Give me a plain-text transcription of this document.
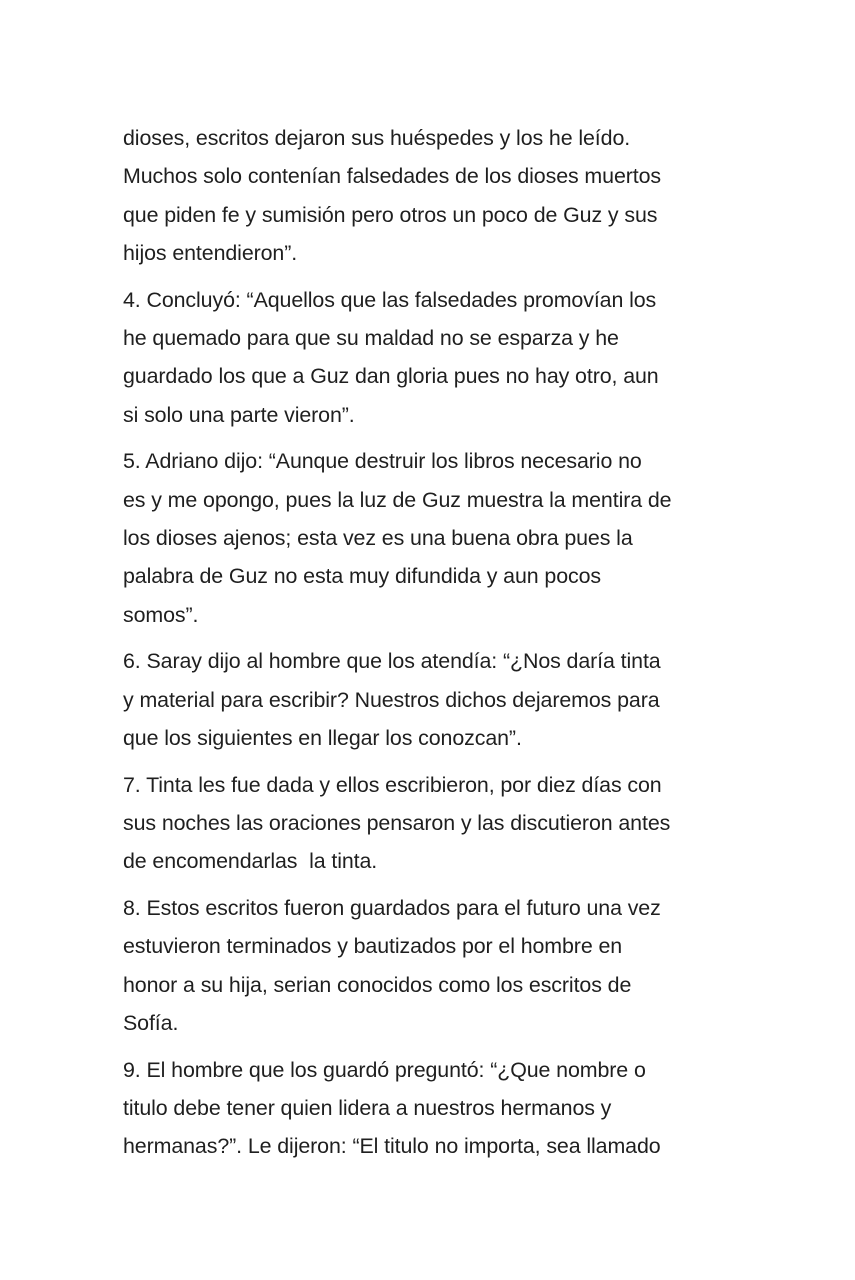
dioses, escritos dejaron sus huéspedes y los he leído.
Muchos solo contenían falsedades de los dioses muertos
que piden fe y sumisión pero otros un poco de Guz y sus
hijos entendieron”.

4. Concluyó: “Aquellos que las falsedades promovían los
he quemado para que su maldad no se esparza y he
guardado los que a Guz dan gloria pues no hay otro, aun
si solo una parte vieron”.

5. Adriano dijo: “Aunque destruir los libros necesario no
es y me opongo, pues la luz de Guz muestra la mentira de
los dioses ajenos; esta vez es una buena obra pues la
palabra de Guz no esta muy difundida y aun pocos
somos”.

6. Saray dijo al hombre que los atendía: “¿Nos daría tinta
y material para escribir? Nuestros dichos dejaremos para
que los siguientes en llegar los conozcan”.

7. Tinta les fue dada y ellos escribieron, por diez días con
sus noches las oraciones pensaron y las discutieron antes
de encomendarlas  la tinta.

8. Estos escritos fueron guardados para el futuro una vez
estuvieron terminados y bautizados por el hombre en
honor a su hija, serian conocidos como los escritos de
Sofía.

9. El hombre que los guardó preguntó: “¿Que nombre o
titulo debe tener quien lidera a nuestros hermanos y
hermanas?”. Le dijeron: “El titulo no importa, sea llamado
